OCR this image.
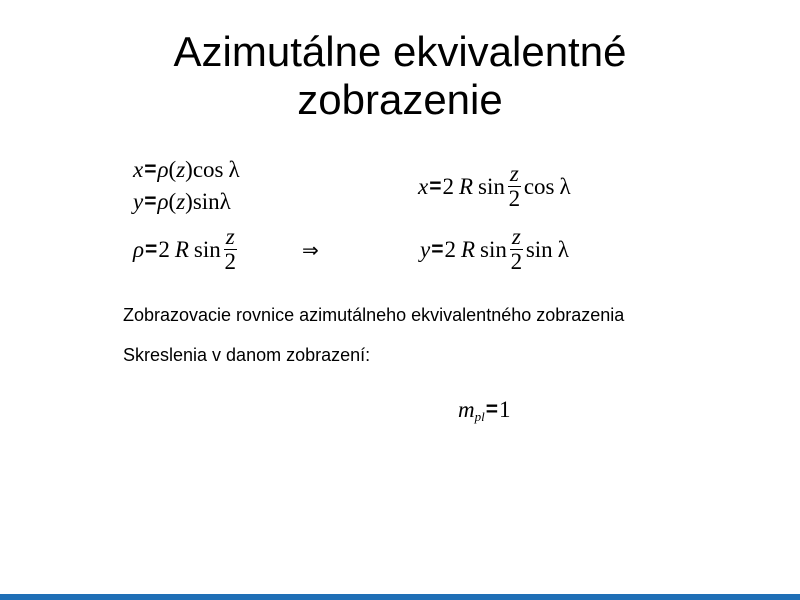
Azimutálne ekvivalentné
zobrazenie
x = ρ ( z ) cos λ
y = ρ ( z ) sin λ
ρ = 2 R $\sin \frac{z}{2}$	⇒
x = 2 R $\sin \frac{z}{2}$ cos λ
y = 2 R $\sin \frac{z}{2}$ sin λ
Zobrazovacie rovnice azimutálneho ekvivalentného zobrazenia
Skreslenia v danom zobrazení:
m pl = 1
